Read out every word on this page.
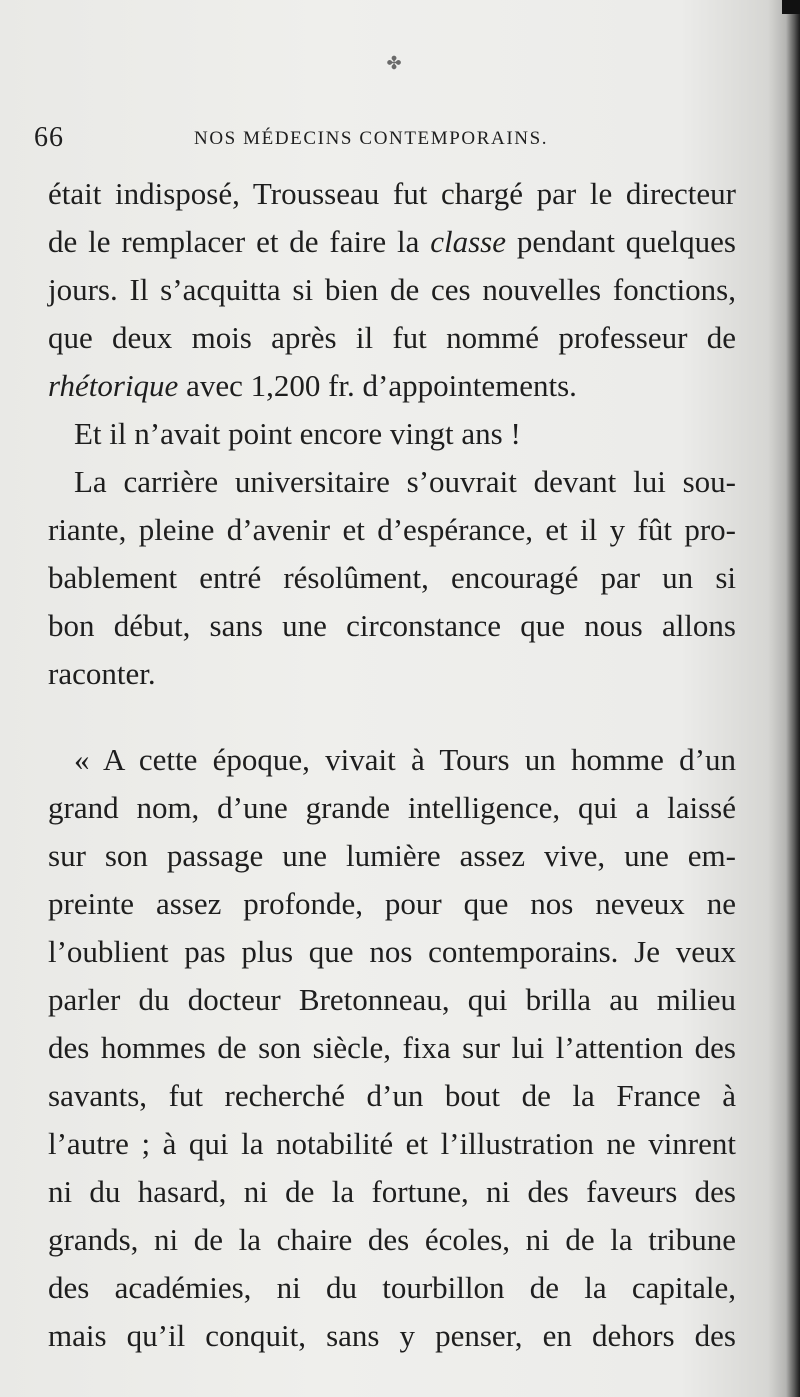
✤
66	NOS MÉDECINS CONTEMPORAINS.
était indisposé, Trousseau fut chargé par le directeur
de le remplacer et de faire la classe pendant quelques
jours. Il s’acquitta si bien de ces nouvelles fonctions,
que deux mois après il fut nommé professeur de
rhétorique avec 1,200 fr. d’appointements.
Et il n’avait point encore vingt ans !
La carrière universitaire s’ouvrait devant lui sou-
riante, pleine d’avenir et d’espérance, et il y fût pro-
bablement entré résolûment, encouragé par un si
bon début, sans une circonstance que nous allons
raconter.
« A cette époque, vivait à Tours un homme d’un
grand nom, d’une grande intelligence, qui a laissé
sur son passage une lumière assez vive, une em-
preinte assez profonde, pour que nos neveux ne
l’oublient pas plus que nos contemporains. Je veux
parler du docteur Bretonneau, qui brilla au milieu
des hommes de son siècle, fixa sur lui l’attention des
savants, fut recherché d’un bout de la France à
l’autre ; à qui la notabilité et l’illustration ne vinrent
ni du hasard, ni de la fortune, ni des faveurs des
grands, ni de la chaire des écoles, ni de la tribune
des académies, ni du tourbillon de la capitale,
mais qu’il conquit, sans y penser, en dehors des
